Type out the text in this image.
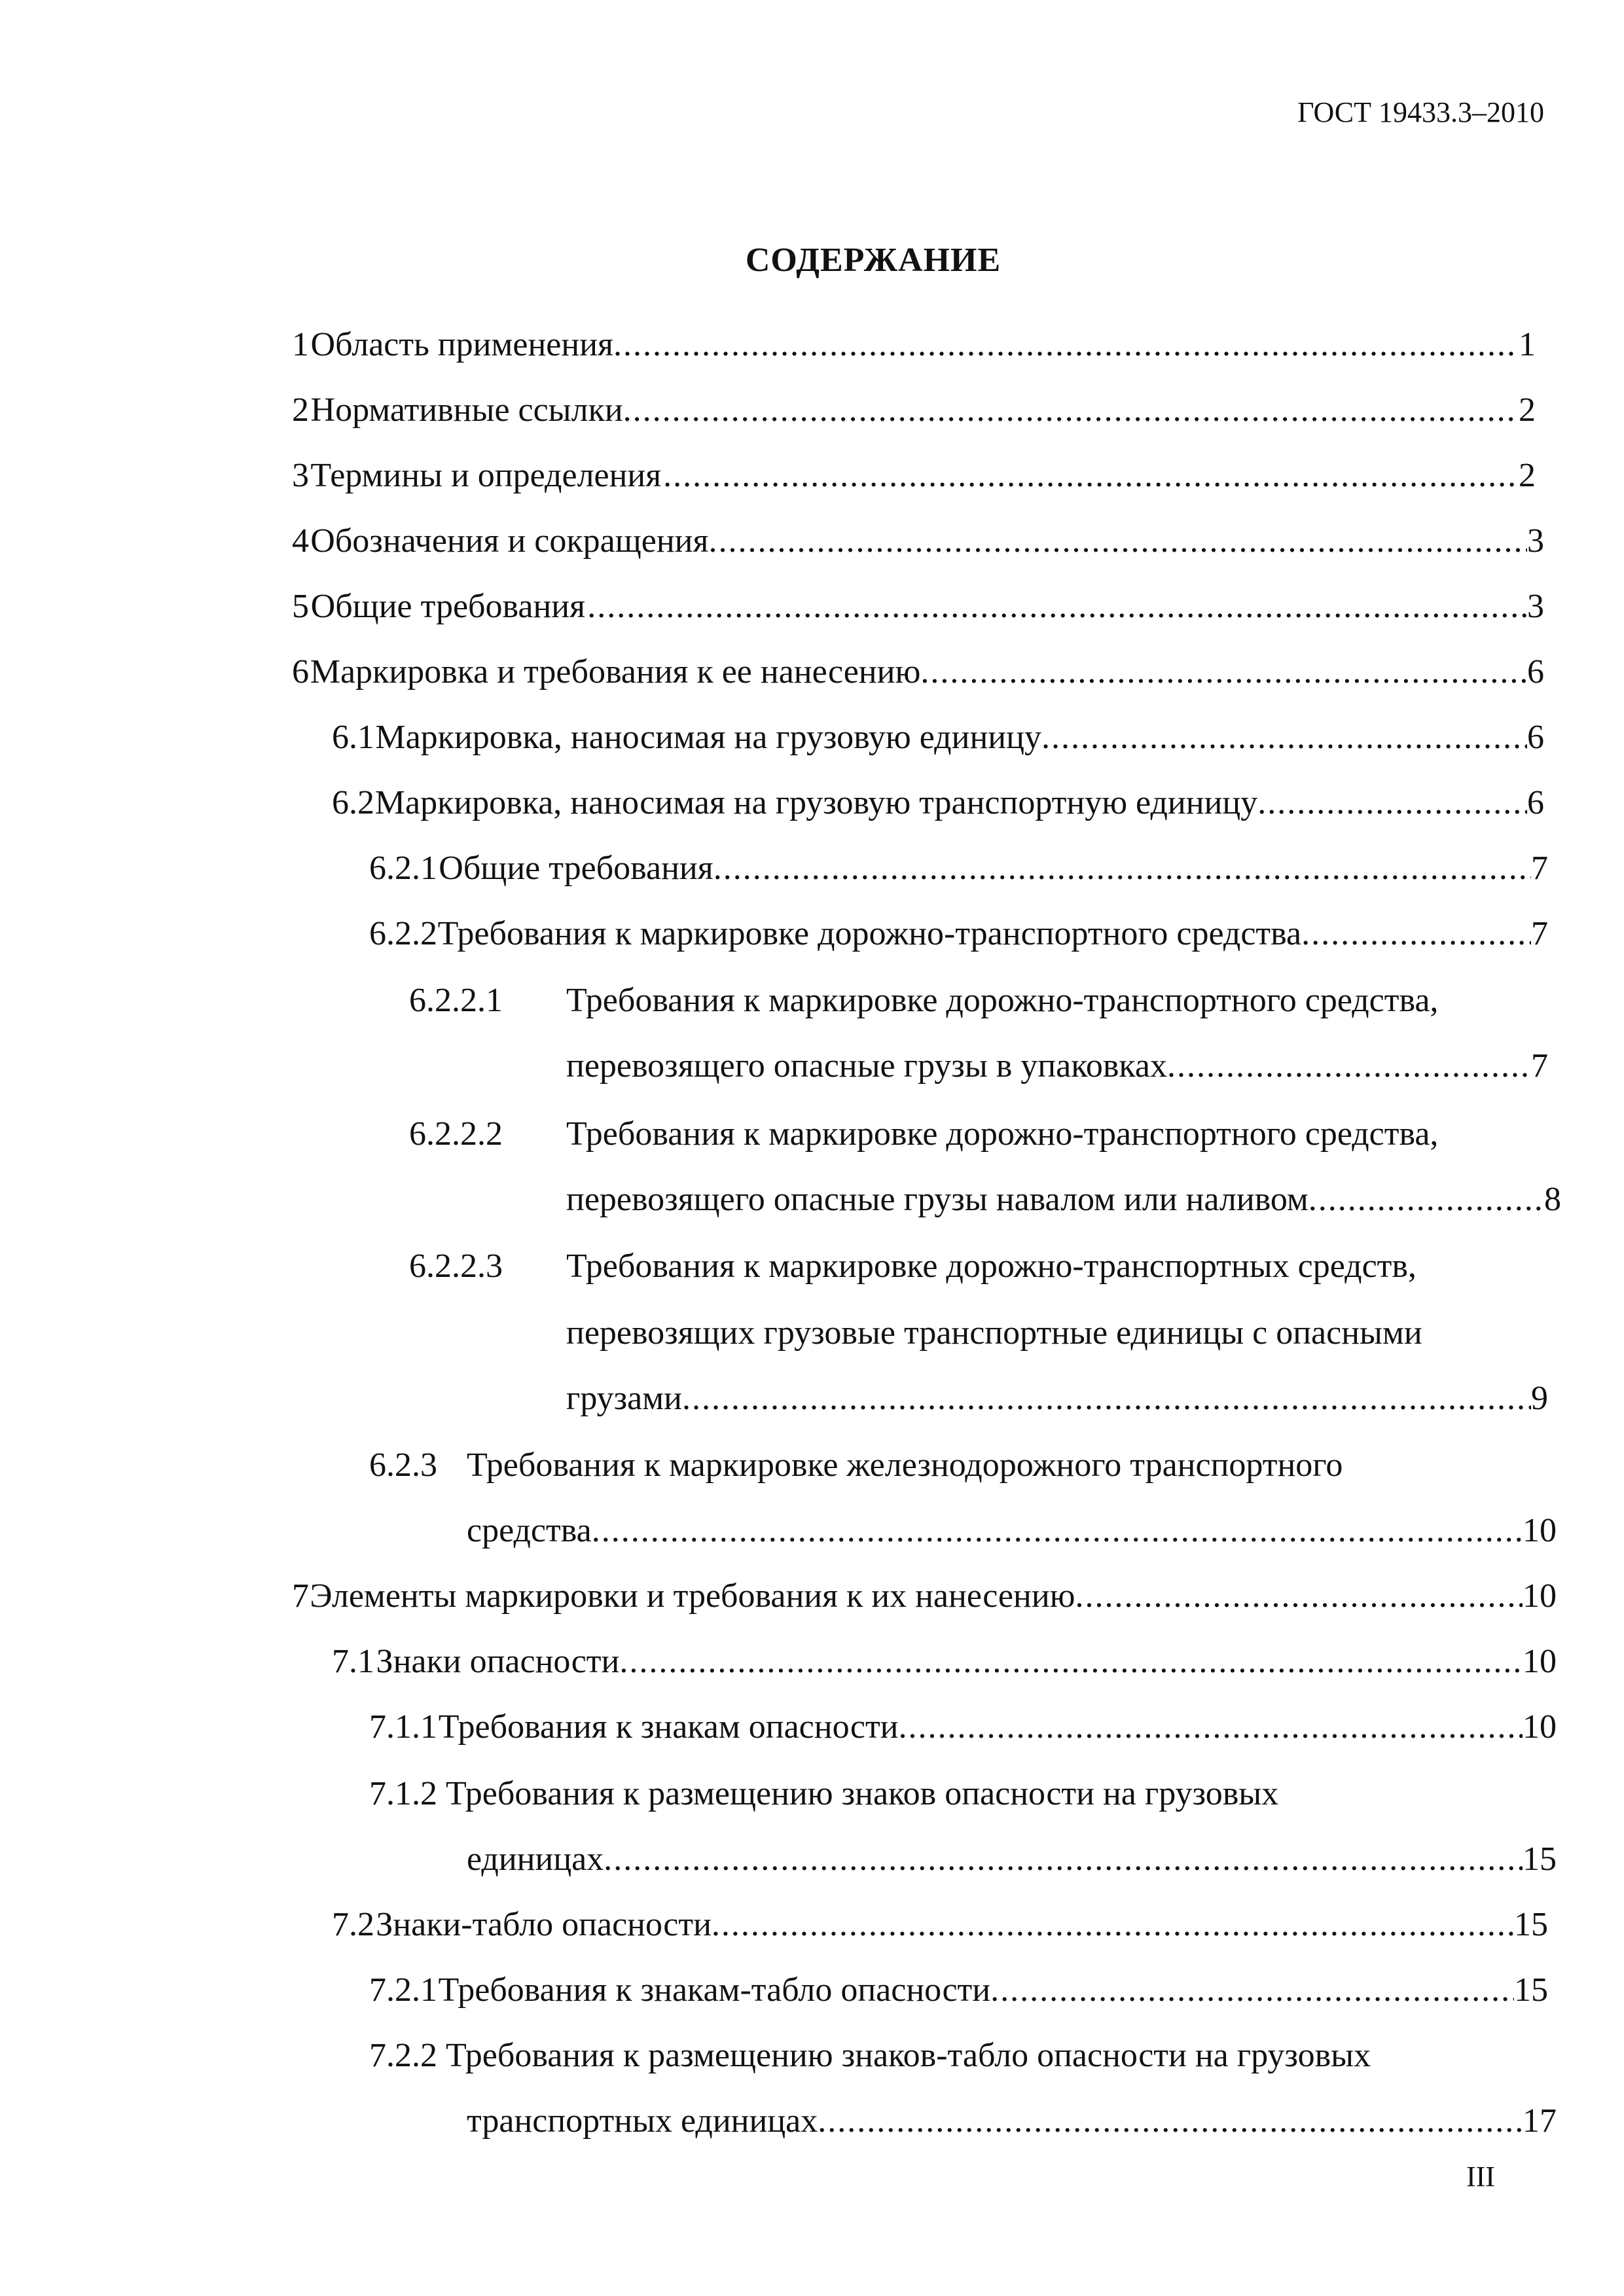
ГОСТ 19433.3–2010
СОДЕРЖАНИЕ
1 Область применения .....	1
2 Нормативные ссылки .....	2
3 Термины и определения .....	2
4 Обозначения и сокращения .....	3
5 Общие требования .....	3
6 Маркировка и требования к ее нанесению .....	6
6.1 Маркировка, наносимая на грузовую единицу .....	6
6.2 Маркировка, наносимая на грузовую транспортную единицу .....	6
6.2.1 Общие требования .....	7
6.2.2 Требования к маркировке дорожно-транспортного средства .....	7
6.2.2.1	Требования к маркировке дорожно-транспортного средства,
перевозящего опасные грузы в упаковках .....	7
6.2.2.2	Требования к маркировке дорожно-транспортного средства,
перевозящего опасные грузы навалом или наливом .....	8
6.2.2.3	Требования к маркировке дорожно-транспортных средств,
перевозящих грузовые транспортные единицы с опасными
грузами .....	9
6.2.3 Требования к маркировке железнодорожного транспортного
средства .....	10
7 Элементы маркировки и требования к их нанесению .....	10
7.1 Знаки опасности .....	10
7.1.1 Требования к знакам опасности .....	10
7.1.2 Требования к размещению знаков опасности на грузовых
единицах .....	15
7.2 Знаки-табло опасности .....	15
7.2.1 Требования к знакам-табло опасности .....	15
7.2.2 Требования к размещению знаков-табло опасности на грузовых
транспортных единицах .....	17
III
